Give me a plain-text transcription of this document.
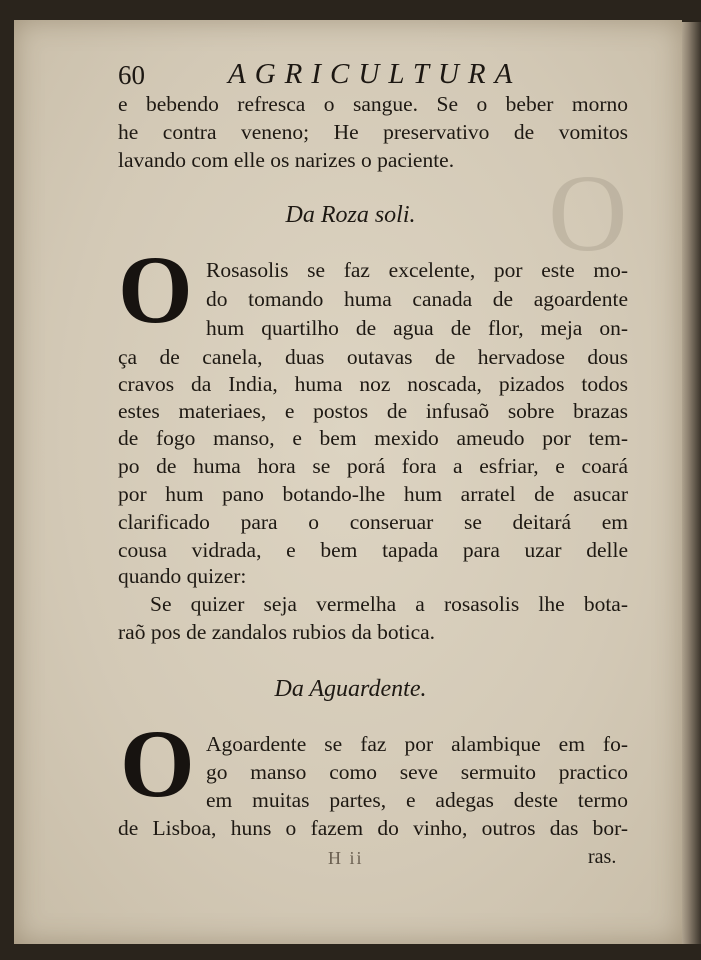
O
60	AGRICULTURA
e bebendo refresca o sangue. Se o beber morno
he contra veneno; He preservativo de vomitos
lavando com elle os narizes o paciente.
Da Roza soli.
O Rosasolis se faz excelente, por este mo-
do tomando huma canada de agoardente
hum quartilho de agua de flor, meja on-
ça de canela, duas outavas de hervadose dous
cravos da India, huma noz noscada, pizados todos
estes materiaes, e postos de infusaõ sobre brazas
de fogo manso, e bem mexido ameudo por tem-
po de huma hora se porá fora a esfriar, e coará
por hum pano botando-lhe hum arratel de asucar
clarificado para o conseruar se deitará em
cousa vidrada, e bem tapada para uzar delle
quando quizer:
Se quizer seja vermelha a rosasolis lhe bota-
raõ pos de zandalos rubios da botica.
Da Aguardente.
O Agoardente se faz por alambique em fo-
go manso como seve sermuito practico
em muitas partes, e adegas deste termo
de Lisboa, huns o fazem do vinho, outros das bor-
H ii	ras.
